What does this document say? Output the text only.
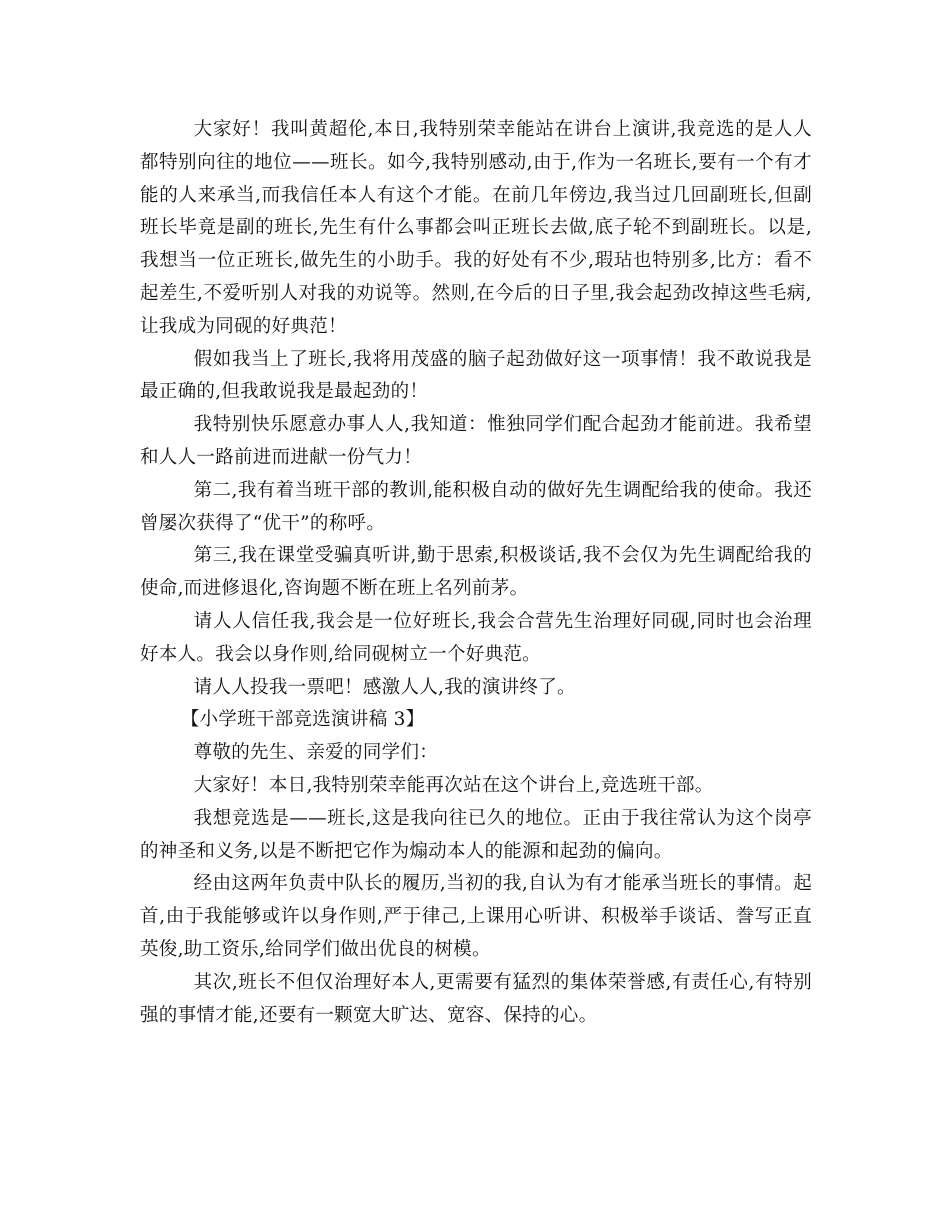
大家好！我叫黄超伦,本日,我特别荣幸能站在讲台上演讲,我竞选的是人人都特别向往的地位——班长。如今,我特别感动,由于,作为一名班长,要有一个有才能的人来承当,而我信任本人有这个才能。在前几年傍边,我当过几回副班长,但副班长毕竟是副的班长,先生有什么事都会叫正班长去做,底子轮不到副班长。以是,我想当一位正班长,做先生的小助手。我的好处有不少,瑕玷也特别多,比方：看不起差生,不爱听别人对我的劝说等。然则,在今后的日子里,我会起劲改掉这些毛病,让我成为同砚的好典范！

假如我当上了班长,我将用茂盛的脑子起劲做好这一项事情！我不敢说我是最正确的,但我敢说我是最起劲的！

我特别快乐愿意办事人人,我知道：惟独同学们配合起劲才能前进。我希望和人人一路前进而进献一份气力！

第二,我有着当班干部的教训,能积极自动的做好先生调配给我的使命。我还曾屡次获得了“优干”的称呼。

第三,我在课堂受骗真听讲,勤于思索,积极谈话,我不会仅为先生调配给我的使命,而进修退化,咨询题不断在班上名列前茅。

请人人信任我,我会是一位好班长,我会合营先生治理好同砚,同时也会治理好本人。我会以身作则,给同砚树立一个好典范。

请人人投我一票吧！感激人人,我的演讲终了。

【小学班干部竞选演讲稿 3】

尊敬的先生、亲爱的同学们：

大家好！本日,我特别荣幸能再次站在这个讲台上,竞选班干部。

我想竞选是——班长,这是我向往已久的地位。正由于我往常认为这个岗亭的神圣和义务,以是不断把它作为煽动本人的能源和起劲的偏向。

经由这两年负责中队长的履历,当初的我,自认为有才能承当班长的事情。起首,由于我能够或许以身作则,严于律己,上课用心听讲、积极举手谈话、誊写正直英俊,助工资乐,给同学们做出优良的树模。

其次,班长不但仅治理好本人,更需要有猛烈的集体荣誉感,有责任心,有特别强的事情才能,还要有一颗宽大旷达、宽容、保持的心。
